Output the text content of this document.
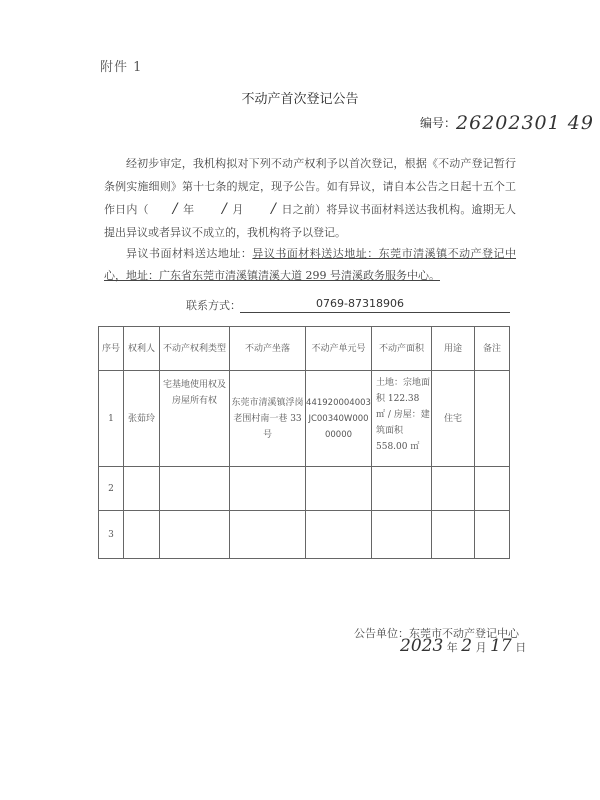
附件 1
不动产首次登记公告
编号：26202301 49
经初步审定，我机构拟对下列不动产权利予以首次登记，根据《不动产登记暂行条例实施细则》第十七条的规定，现予公告。如有异议，请自本公告之日起十五个工作日内（ / 年 / 月 / 日之前）将异议书面材料送达我机构。逾期无人提出异议或者异议不成立的，我机构将予以登记。
异议书面材料送达地址：异议书面材料送达地址：东莞市清溪镇不动产登记中心，地址：广东省东莞市清溪镇清溪大道 299 号清溪政务服务中心。
联系方式：	0769-87318906
序号	权利人	不动产权利类型	不动产坐落	不动产单元号	不动产面积	用途	备注
1	张茹玲	宅基地使用权及房屋所有权	东莞市清溪镇浮岗老围村南一巷 33 号	441920004003JC00340W00000000	土地：宗地面积 122.38 ㎡ / 房屋：建筑面积 558.00 ㎡	住宅	
2							
3							
公告单位：东莞市不动产登记中心
2023 年 2 月 17 日
